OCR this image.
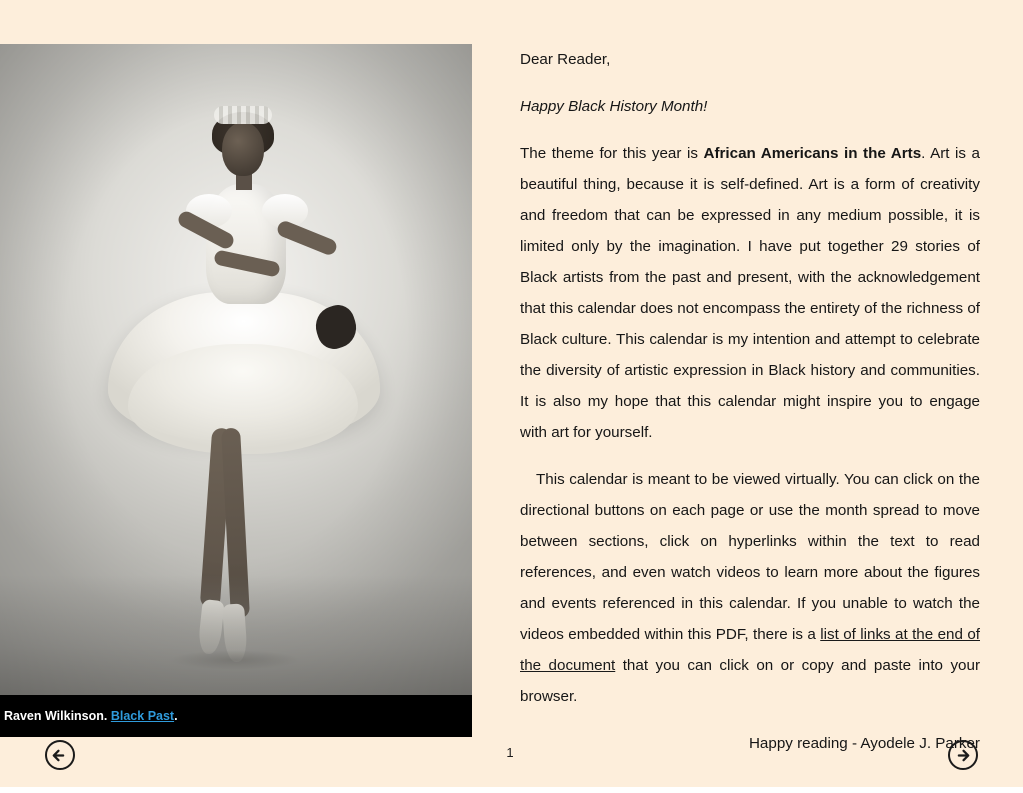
Raven Wilkinson. Black Past .

Dear Reader,

Happy Black History Month!

The theme for this year is African Americans in the Arts. Art is a beautiful thing, because it is self-defined. Art is a form of creativity and freedom that can be expressed in any medium possible, it is limited only by the imagination. I have put together 29 stories of Black artists from the past and present, with the acknowledgement that this calendar does not encompass the entirety of the richness of Black culture. This calendar is my intention and attempt to celebrate the diversity of artistic expression in Black history and communities. It is also my hope that this calendar might inspire you to engage with art for yourself.

This calendar is meant to be viewed virtually. You can click on the directional buttons on each page or use the month spread to move between sections, click on hyperlinks within the text to read references, and even watch videos to learn more about the figures and events referenced in this calendar. If you unable to watch the videos embedded within this PDF, there is a list of links at the end of the document that you can click on or copy and paste into your browser.

Happy reading - Ayodele J. Parker

1
